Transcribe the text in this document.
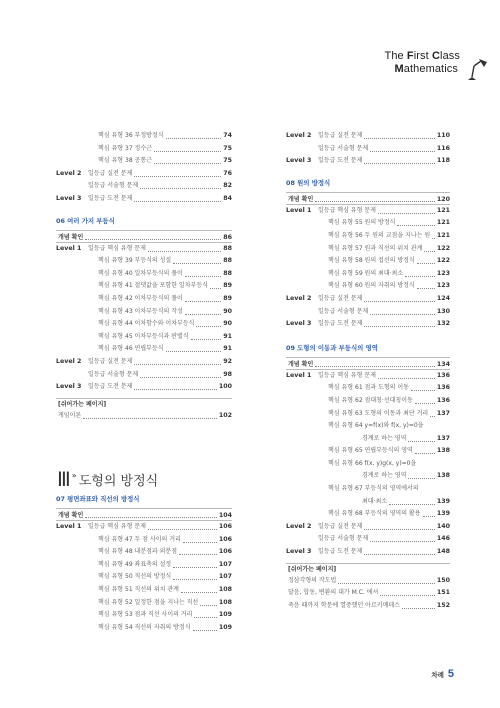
The First Class
Mathematics
핵심 유형 36 부정방정식	74
핵심 유형 37 정수근	75
핵심 유형 38 공통근	75
Level 2	일등급 실전 문제	76
일등급 서술형 문제	82
Level 3	일등급 도전 문제	84
06 여러 가지 부등식
개념 확인	86
Level 1	일등급 핵심 유형 문제	88
핵심 유형 39 부등식의 성질	88
핵심 유형 40 일차부등식의 풀이	88
핵심 유형 41 절댓값을 포함한 일차부등식 89
핵심 유형 42 이차부등식의 풀이	89
핵심 유형 43 이차부등식의 작성	90
핵심 유형 44 이차함수와 이차부등식	90
핵심 유형 45 이차부등식과 판별식	91
핵심 유형 46 연립부등식	91
Level 2	일등급 실전 문제	92
일등급 서술형 문제	98
Level 3	일등급 도전 문제	100
[쉬어가는 페이지]
게임이론	102
Ⅲ » 도형의 방정식
07 평면좌표와 직선의 방정식
개념 확인	104
Level 1	일등급 핵심 유형 문제	106
핵심 유형 47 두 점 사이의 거리	106
핵심 유형 48 내분점과 외분점	106
핵심 유형 49 좌표축의 설정	107
핵심 유형 50 직선의 방정식	107
핵심 유형 51 직선의 위치 관계	108
핵심 유형 52 일정한 점을 지나는 직선	108
핵심 유형 53 점과 직선 사이의 거리	109
핵심 유형 54 직선의 자취의 방정식	109
Level 2	일등급 실전 문제	110
일등급 서술형 문제	116
Level 3	일등급 도전 문제	118
08 원의 방정식
개념 확인	120
Level 1	일등급 핵심 유형 문제	121
핵심 유형 55 원의 방정식	121
핵심 유형 56 두 원의 교점을 지나는 원 121
핵심 유형 57 원과 직선의 위치 관계 122
핵심 유형 58 원의 접선의 방정식	122
핵심 유형 59 원의 최대·최소	123
핵심 유형 60 원의 자취의 방정식	123
Level 2	일등급 실전 문제	124
일등급 서술형 문제	130
Level 3	일등급 도전 문제	132
09 도형의 이동과 부등식의 영역
개념 확인	134
Level 1	일등급 핵심 유형 문제	136
핵심 유형 61 점과 도형의 이동	136
핵심 유형 62 점대칭·선대칭이동	136
핵심 유형 63 도형의 이동과 최단 거리 137
핵심 유형 64 y=f(x)와 f(x, y)=0을
경계로 하는 영역	137
핵심 유형 65 연립부등식의 영역	138
핵심 유형 66 f(x, y)g(x, y)=0을
경계로 하는 영역	138
핵심 유형 67 부등식의 영역에서의
최대·최소	139
핵심 유형 68 부등식의 영역의 활용	139
Level 2	일등급 실전 문제	140
일등급 서술형 문제	146
Level 3	일등급 도전 문제	148
[쉬어가는 페이지]
정삼각형의 작도법	150
달음, 합동, 변환의 대가 M.C. 에셔	151
죽음 때까지 학문에 열중했던 아르키메데스	152
차례 5
